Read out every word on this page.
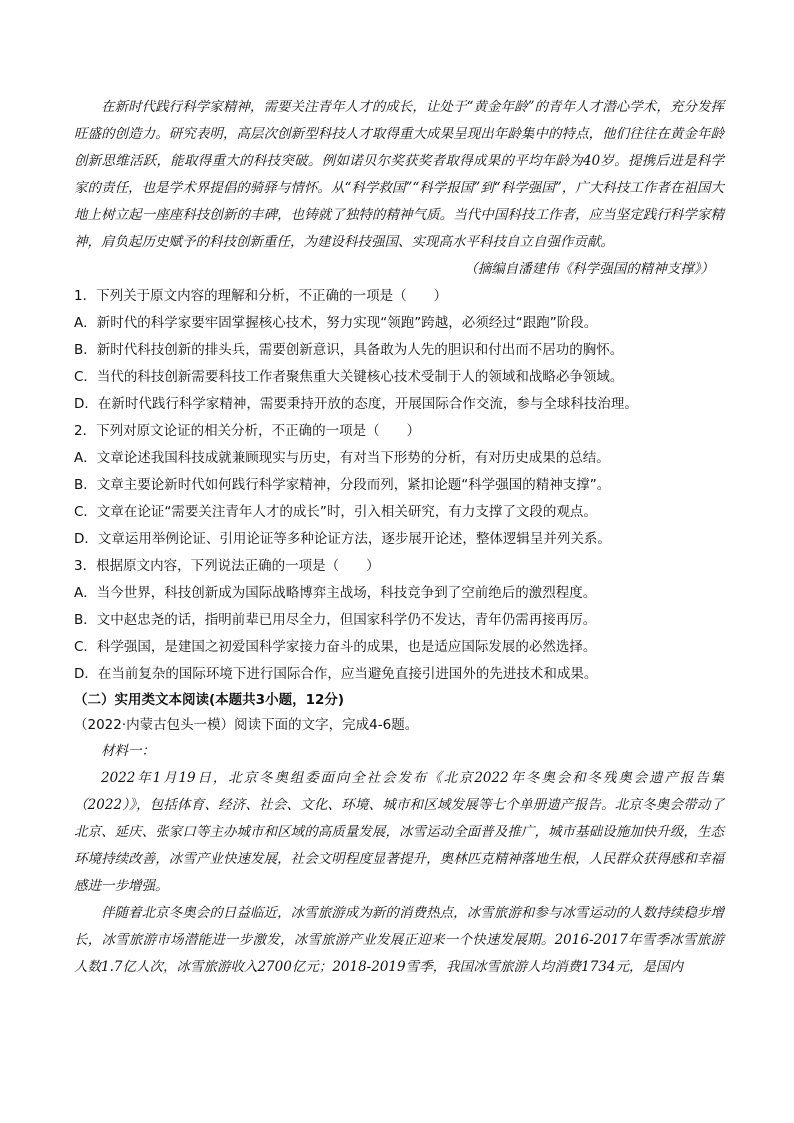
在新时代践行科学家精神，需要关注青年人才的成长，让处于“黄金年龄”的青年人才潜心学术，充分发挥旺盛的创造力。研究表明，高层次创新型科技人才取得重大成果呈现出年龄集中的特点，他们往往在黄金年龄创新思维活跃，能取得重大的科技突破。例如诺贝尔奖获奖者取得成果的平均年龄为40岁。提携后进是科学家的责任，也是学术界提倡的骑驿与情怀。从“科学救国”“科学报国”到“科学强国”，广大科技工作者在祖国大地上树立起一座座科技创新的丰碑，也铸就了独特的精神气质。当代中国科技工作者，应当坚定践行科学家精神，肩负起历史赋予的科技创新重任，为建设科技强国、实现高水平科技自立自强作贡献。

（摘编自潘建伟《科学强国的精神支撑》）

1．下列关于原文内容的理解和分析，不正确的一项是（　　）

A．新时代的科学家要牢固掌握核心技术，努力实现“领跑”跨越，必须经过“跟跑”阶段。

B．新时代科技创新的排头兵，需要创新意识，具备敢为人先的胆识和付出而不居功的胸怀。

C．当代的科技创新需要科技工作者聚焦重大关键核心技术受制于人的领域和战略必争领域。

D．在新时代践行科学家精神，需要秉持开放的态度，开展国际合作交流，参与全球科技治理。

2．下列对原文论证的相关分析，不正确的一项是（　　）

A．文章论述我国科技成就兼顾现实与历史，有对当下形势的分析，有对历史成果的总结。

B．文章主要论新时代如何践行科学家精神，分段而列，紧扣论题“科学强国的精神支撑”。

C．文章在论证“需要关注青年人才的成长”时，引入相关研究，有力支撑了文段的观点。

D．文章运用举例论证、引用论证等多种论证方法，逐步展开论述，整体逻辑呈并列关系。

3．根据原文内容，下列说法正确的一项是（　　）

A．当今世界，科技创新成为国际战略博弈主战场，科技竞争到了空前绝后的激烈程度。

B．文中赵忠尧的话，指明前辈已用尽全力，但国家科学仍不发达，青年仍需再接再厉。

C．科学强国，是建国之初爱国科学家接力奋斗的成果，也是适应国际发展的必然选择。

D．在当前复杂的国际环境下进行国际合作，应当避免直接引进国外的先进技术和成果。

（二）实用类文本阅读(本题共3小题，12分)

（2022·内蒙古包头一模）阅读下面的文字，完成4-6题。

材料一：

2022年1月19日，北京冬奥组委面向全社会发布《北京2022年冬奥会和冬残奥会遗产报告集（2022）》，包括体育、经济、社会、文化、环境、城市和区域发展等七个单册遗产报告。北京冬奥会带动了北京、延庆、张家口等主办城市和区域的高质量发展，冰雪运动全面普及推广，城市基础设施加快升级，生态环境持续改善，冰雪产业快速发展，社会文明程度显著提升，奥林匹克精神落地生根，人民群众获得感和幸福感进一步增强。

伴随着北京冬奥会的日益临近，冰雪旅游成为新的消费热点，冰雪旅游和参与冰雪运动的人数持续稳步增长，冰雪旅游市场潜能进一步激发，冰雪旅游产业发展正迎来一个快速发展期。2016-2017年雪季冰雪旅游人数1.7亿人次，冰雪旅游收入2700亿元；2018-2019雪季，我国冰雪旅游人均消费1734元，是国内
